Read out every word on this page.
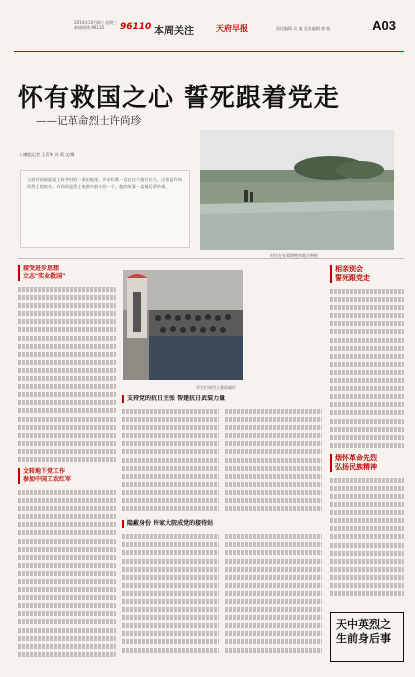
2014年10月8日 星期三
新闻热线 96110	96110 本周关注	天府早报	责任编辑 吴 迪 美术编辑 徐 聪	A03
怀有救国之心 誓死跟着党走
——记革命烈士许尚珍
口晚报记者 王青华 苏 莉 文/摄

王府井前画面是王府井村的一条田地里，乡亲们都一直在这个地方长大。这里是许尚珍烈士的故乡。许尚珍是烈士家族中最小的一个，他的故事一直被后辈传颂。

村民在先辈牺牲的地方种植
学生们到烈士墓前缅怀
接受进步思想
立志"实业救国"
文转地下党工作
参加中国工农红军
支持党的抗日主张 智建抗日武装力量
隐蔽身份 许家大院成党的接待站
相亲别会
誓死跟党走
烟怀革命先烈
弘扬民族精神
天中英烈之
生前身后事
